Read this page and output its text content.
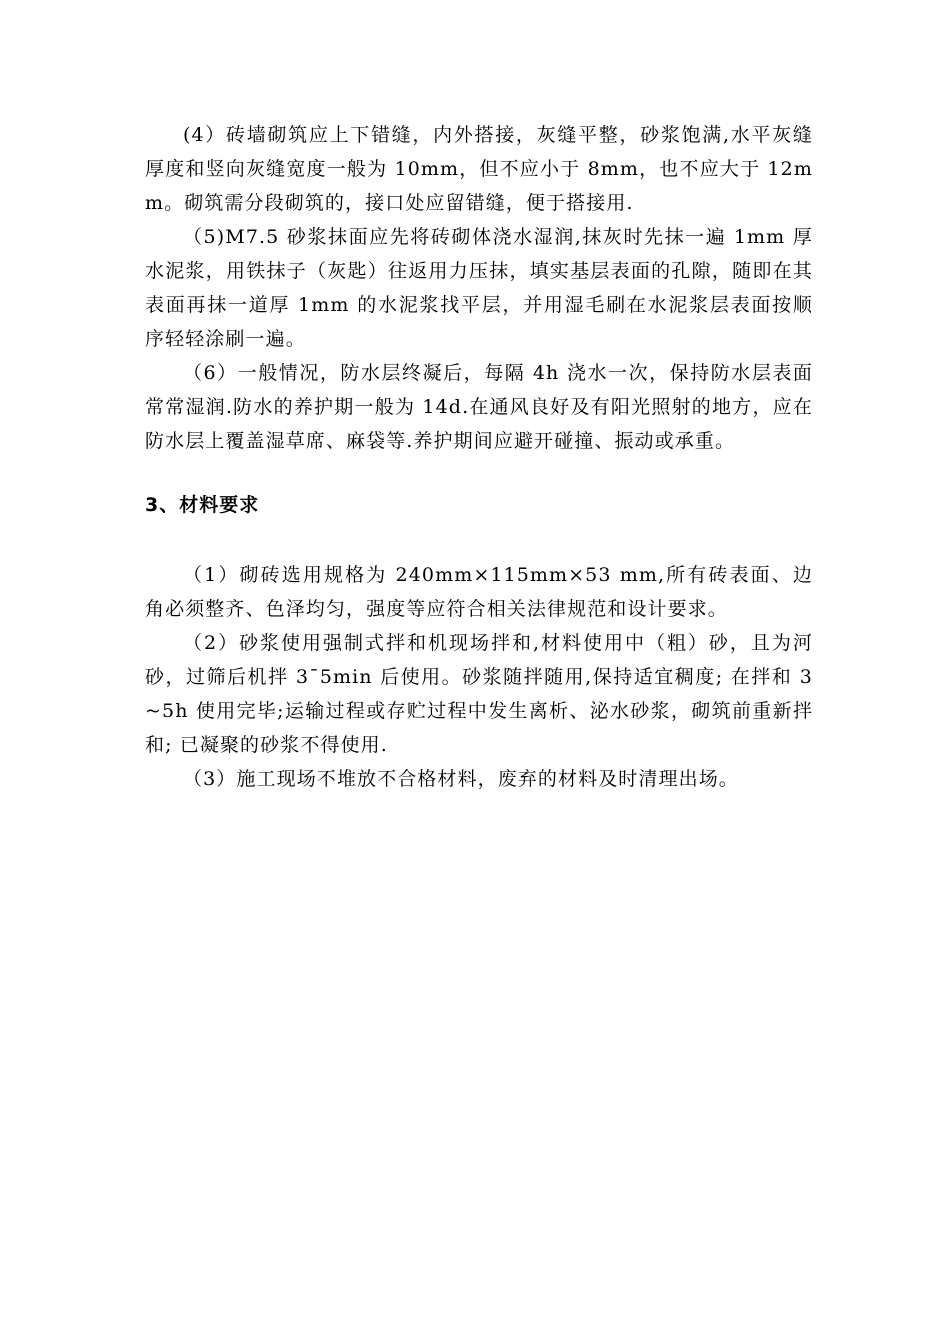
(4）砖墙砌筑应上下错缝，内外搭接，灰缝平整，砂浆饱满,水平灰缝厚度和竖向灰缝宽度一般为 10mm，但不应小于 8mm，也不应大于 12mm。砌筑需分段砌筑的，接口处应留错缝，便于搭接用.

（5)M7.5 砂浆抹面应先将砖砌体浇水湿润,抹灰时先抹一遍 1mm 厚水泥浆，用铁抹子（灰匙）往返用力压抹，填实基层表面的孔隙，随即在其表面再抹一道厚 1mm 的水泥浆找平层，并用湿毛刷在水泥浆层表面按顺序轻轻涂刷一遍。

（6）一般情况，防水层终凝后，每隔 4h 浇水一次，保持防水层表面常常湿润.防水的养护期一般为 14d.在通风良好及有阳光照射的地方，应在防水层上覆盖湿草席、麻袋等.养护期间应避开碰撞、振动或承重。

3、材料要求

（1）砌砖选用规格为 240mm×115mm×53 mm,所有砖表面、边角必须整齐、色泽均匀，强度等应符合相关法律规范和设计要求。

（2）砂浆使用强制式拌和机现场拌和,材料使用中（粗）砂，且为河砂，过筛后机拌 3¯5min 后使用。砂浆随拌随用,保持适宜稠度; 在拌和 3~5h 使用完毕;运输过程或存贮过程中发生离析、泌水砂浆，砌筑前重新拌和; 已凝聚的砂浆不得使用.

（3）施工现场不堆放不合格材料，废弃的材料及时清理出场。
